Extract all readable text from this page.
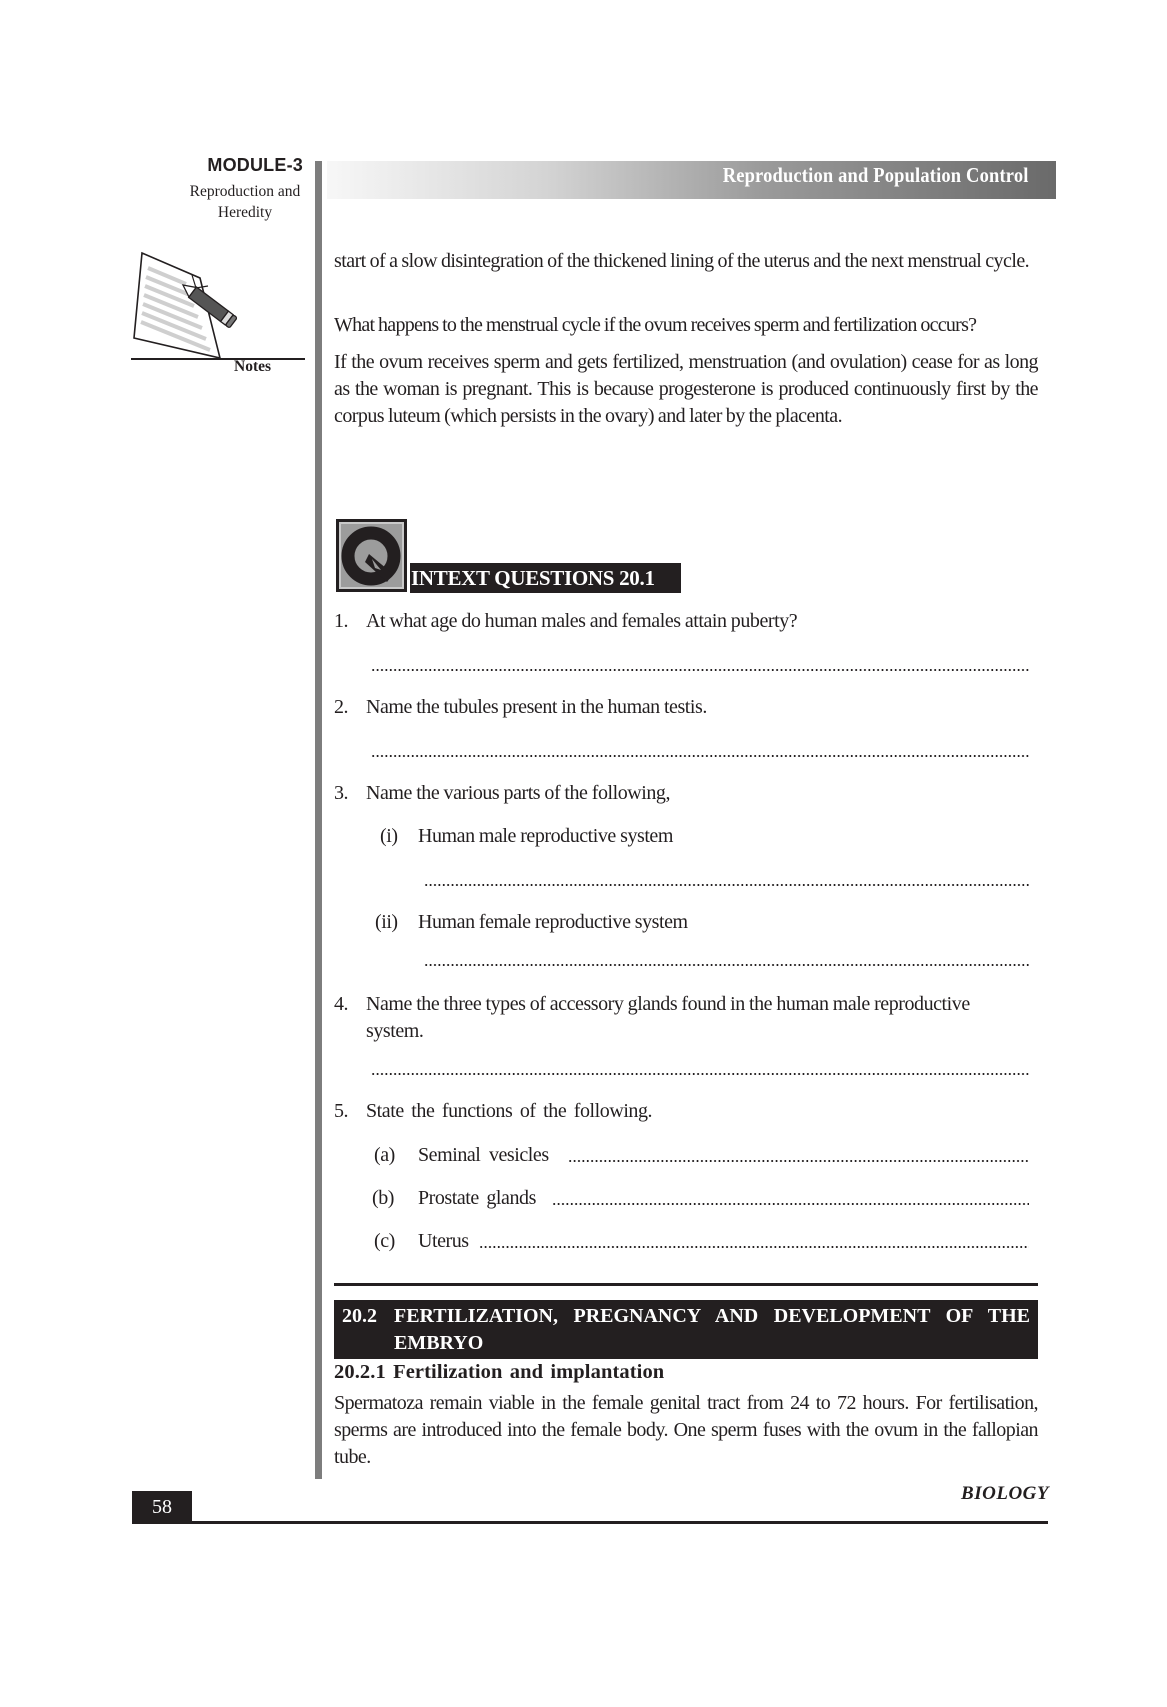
MODULE-3
Reproduction and
Heredity
Notes
Reproduction and Population Control
start of a slow disintegration of the thickened lining of the uterus and the next menstrual cycle.
What happens to the menstrual cycle if the ovum receives sperm and fertilization occurs?
If the ovum receives sperm and gets fertilized, menstruation (and ovulation) cease for as long as the woman is pregnant. This is because progesterone is produced continuously first by the corpus luteum (which persists in the ovary) and later by the placenta.
INTEXT QUESTIONS 20.1
1. At what age do human males and females attain puberty?
2. Name the tubules present in the human testis.
3. Name the various parts of the following,
(i) Human male reproductive system
(ii) Human female reproductive system
4. Name the three types of accessory glands found in the human male reproductive
system.
5. State the functions of the following.
(a) Seminal vesicles
(b) Prostate glands
(c) Uterus
20.2 FERTILIZATION, PREGNANCY AND DEVELOPMENT OF THE EMBRYO
20.2.1 Fertilization and implantation
Spermatoza remain viable in the female genital tract from 24 to 72 hours. For fertilisation, sperms are introduced into the female body. One sperm fuses with the ovum in the fallopian tube.
58
BIOLOGY
